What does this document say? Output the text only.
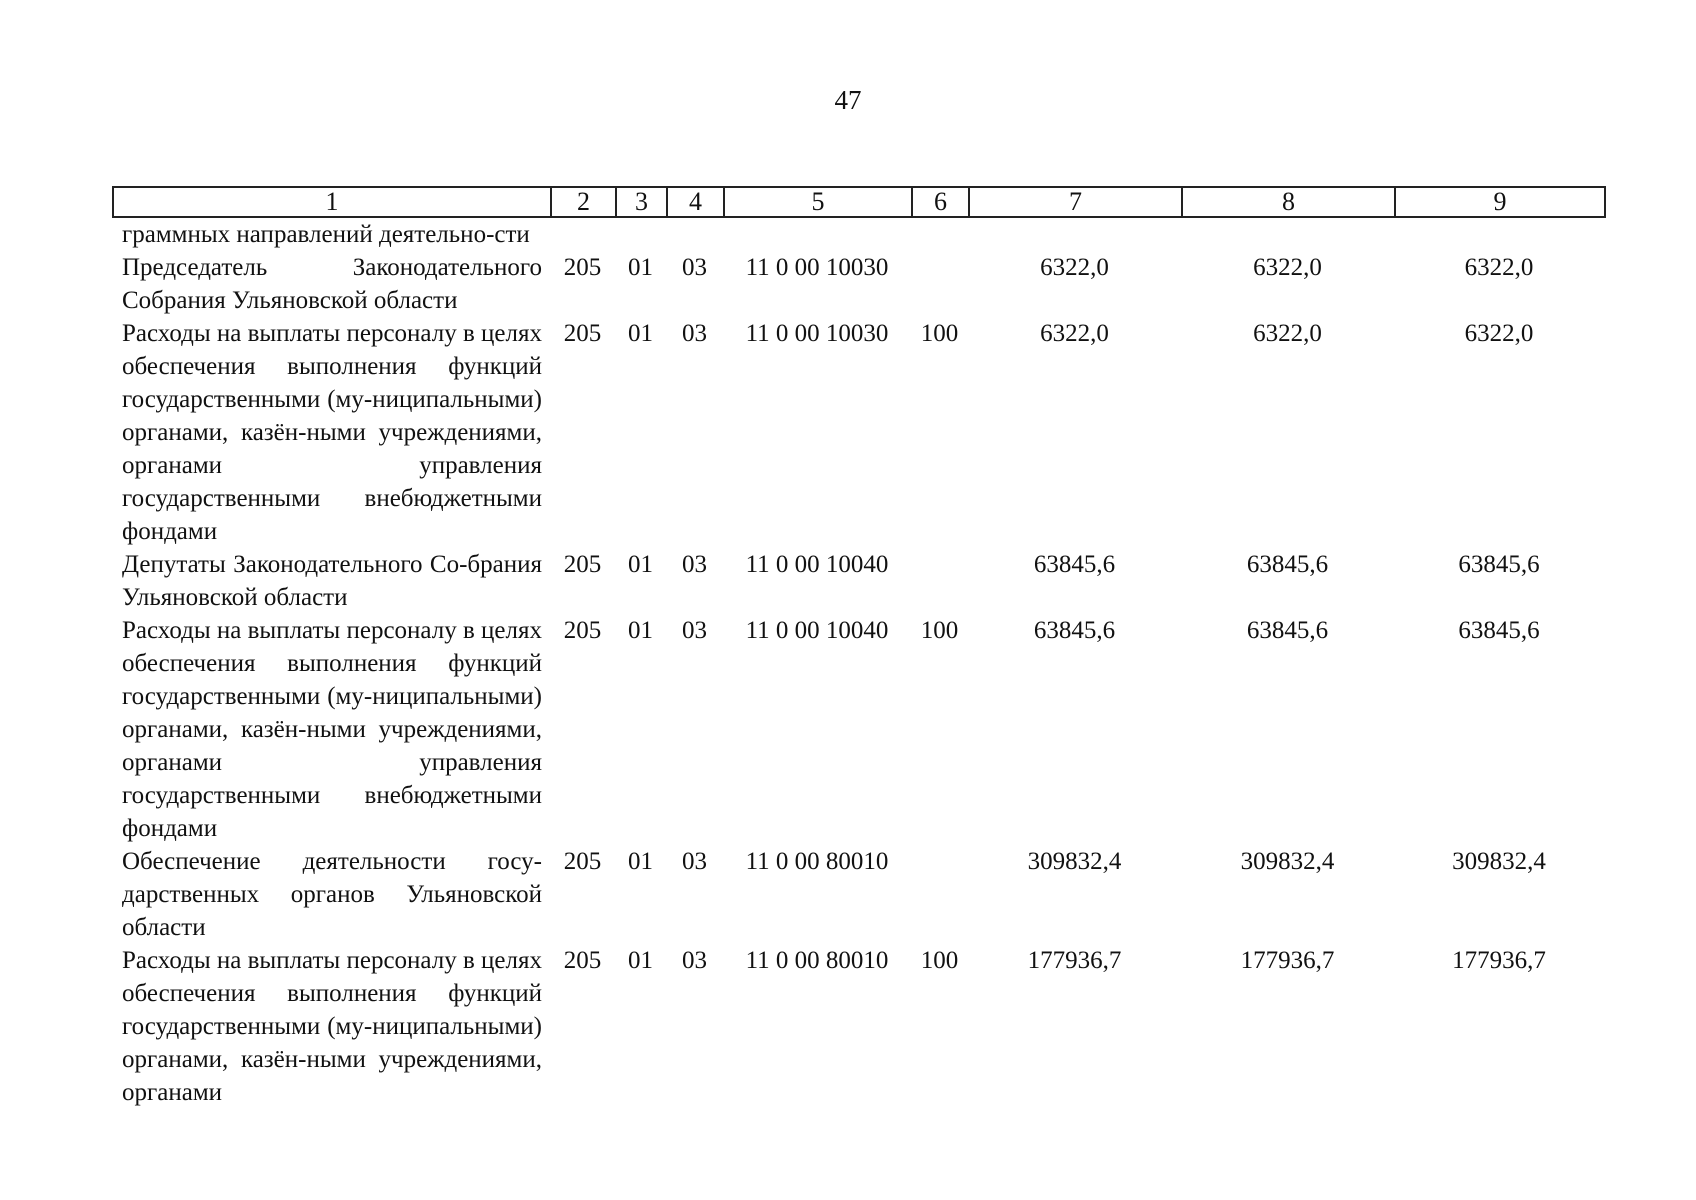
47
1	2	3	4	5	6	7	8	9
граммных направлений деятельно-сти								
Председатель Законодательного Собрания Ульяновской области	205	01	03	11 0 00 10030		6322,0	6322,0	6322,0
Расходы на выплаты персоналу в целях обеспечения выполнения функций государственными (му-ниципальными) органами, казён-ными учреждениями, органами управления государственными внебюджетными фондами	205	01	03	11 0 00 10030	100	6322,0	6322,0	6322,0
Депутаты Законодательного Со-брания Ульяновской области	205	01	03	11 0 00 10040		63845,6	63845,6	63845,6
Расходы на выплаты персоналу в целях обеспечения выполнения функций государственными (му-ниципальными) органами, казён-ными учреждениями, органами управления государственными внебюджетными фондами	205	01	03	11 0 00 10040	100	63845,6	63845,6	63845,6
Обеспечение деятельности госу-дарственных органов Ульяновской области	205	01	03	11 0 00 80010		309832,4	309832,4	309832,4
Расходы на выплаты персоналу в целях обеспечения выполнения функций государственными (му-ниципальными) органами, казён-ными учреждениями, органами	205	01	03	11 0 00 80010	100	177936,7	177936,7	177936,7
